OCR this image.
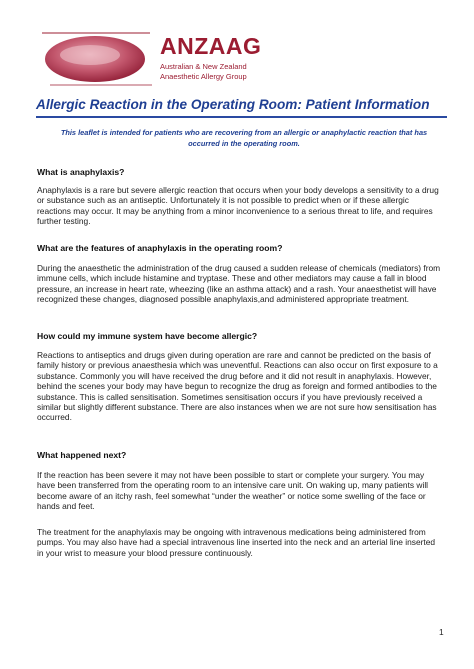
ANZAAG
Australian & New Zealand
Anaesthetic Allergy Group
Allergic Reaction in the Operating Room: Patient Information
This leaflet is intended for patients who are recovering from an allergic or anaphylactic reaction that has occurred in the operating room.
What is anaphylaxis?
Anaphylaxis is a rare but severe allergic reaction that occurs when your body develops a sensitivity to a drug or substance such as an antiseptic. Unfortunately it is not possible to predict when or if these allergic reactions may occur. It may be anything from a minor inconvenience to a serious threat to life, and requires further testing.
What are the features of anaphylaxis in the operating room?
During the anaesthetic the administration of the drug caused a sudden release of chemicals (mediators) from immune cells, which include histamine and tryptase. These and other mediators may cause a fall in blood pressure, an increase in heart rate, wheezing (like an asthma attack) and a rash. Your anaesthetist will have recognized these changes, diagnosed possible anaphylaxis,and administered appropriate treatment.
How could my immune system have become allergic?
Reactions to antiseptics and drugs given during operation are rare and cannot be predicted on the basis of family history or previous anaesthesia which was uneventful. Reactions can also occur on first exposure to a substance. Commonly you will have received the drug before and it did not result in anaphylaxis. However, behind the scenes your body may have begun to recognize the drug as foreign and formed antibodies to the substance. This is called sensitisation. Sometimes sensitisation occurs if you have previously received a similar but slightly different substance. There are also instances when we are not sure how sensitisation has occurred.
What happened next?
If the reaction has been severe it may not have been possible to start or complete your surgery. You may have been transferred from the operating room to an intensive care unit. On waking up, many patients will become aware of an itchy rash, feel somewhat “under the weather” or notice some swelling of the face or hands and feet.
The treatment for the anaphylaxis may be ongoing with intravenous medications being administered from pumps. You may also have had a special intravenous line inserted into the neck and an arterial line inserted in your wrist to measure your blood pressure continuously.
1
